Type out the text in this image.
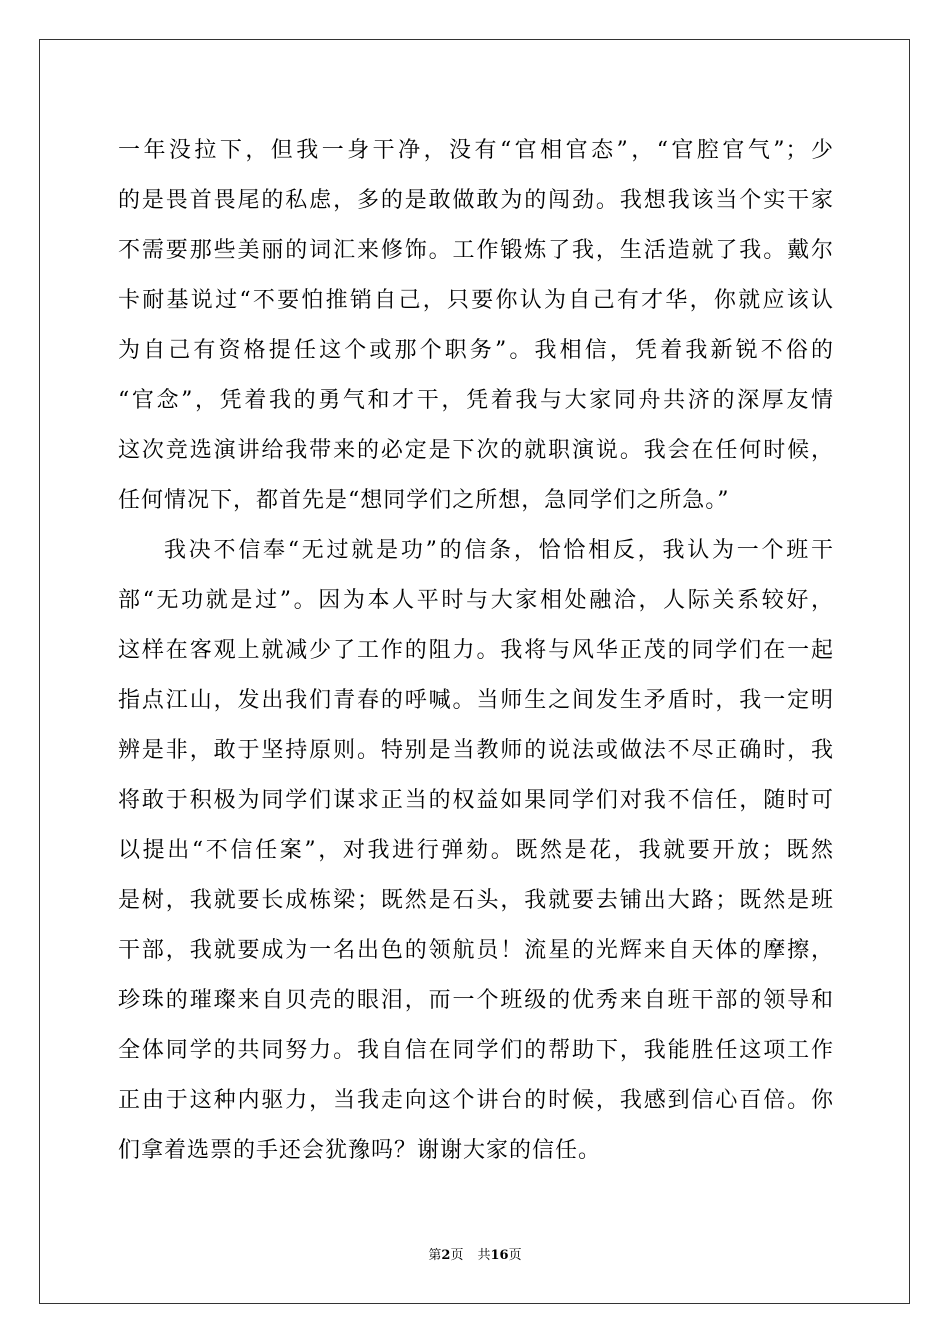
一年没拉下，但我一身干净，没有“官相官态”，“官腔官气”；少
的是畏首畏尾的私虑，多的是敢做敢为的闯劲。我想我该当个实干家
不需要那些美丽的词汇来修饰。工作锻炼了我，生活造就了我。戴尔
卡耐基说过“不要怕推销自己，只要你认为自己有才华，你就应该认
为自己有资格提任这个或那个职务”。我相信，凭着我新锐不俗的
“官念”，凭着我的勇气和才干，凭着我与大家同舟共济的深厚友情
这次竞选演讲给我带来的必定是下次的就职演说。我会在任何时候，
任何情况下，都首先是“想同学们之所想，急同学们之所急。”
我决不信奉“无过就是功”的信条，恰恰相反，我认为一个班干
部“无功就是过”。因为本人平时与大家相处融洽，人际关系较好，
这样在客观上就减少了工作的阻力。我将与风华正茂的同学们在一起
指点江山，发出我们青春的呼喊。当师生之间发生矛盾时，我一定明
辨是非，敢于坚持原则。特别是当教师的说法或做法不尽正确时，我
将敢于积极为同学们谋求正当的权益如果同学们对我不信任，随时可
以提出“不信任案”，对我进行弹劾。既然是花，我就要开放；既然
是树，我就要长成栋梁；既然是石头，我就要去铺出大路；既然是班
干部，我就要成为一名出色的领航员！流星的光辉来自天体的摩擦，
珍珠的璀璨来自贝壳的眼泪，而一个班级的优秀来自班干部的领导和
全体同学的共同努力。我自信在同学们的帮助下，我能胜任这项工作
正由于这种内驱力，当我走向这个讲台的时候，我感到信心百倍。你
们拿着选票的手还会犹豫吗？谢谢大家的信任。
第2页 共16页
